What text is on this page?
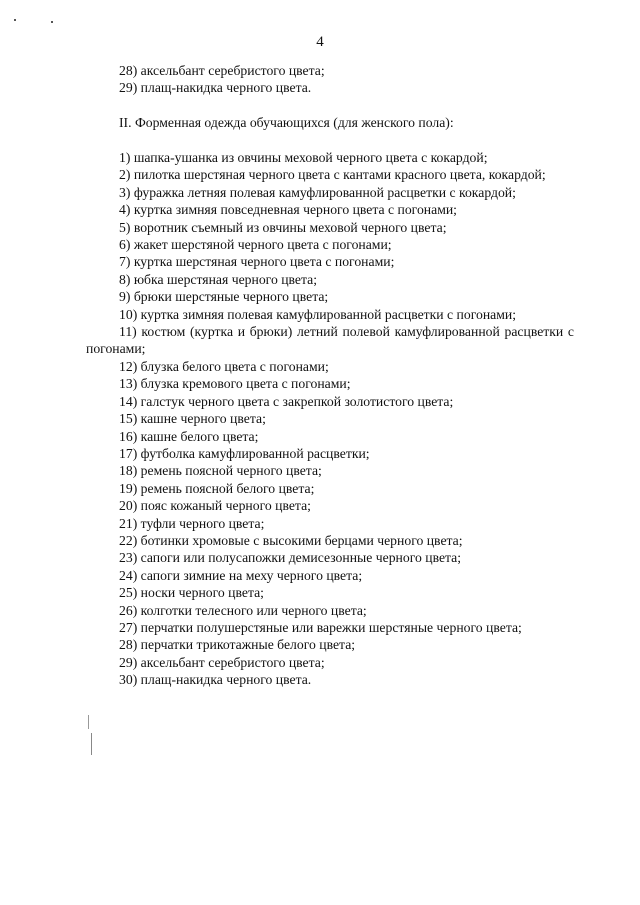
4
28) аксельбант серебристого цвета;
29) плащ-накидка черного цвета.
II. Форменная одежда обучающихся (для женского пола):
1) шапка-ушанка из овчины меховой черного цвета с кокардой;
2) пилотка шерстяная черного цвета с кантами красного цвета, кокардой;
3) фуражка летняя полевая камуфлированной расцветки с кокардой;
4) куртка зимняя повседневная черного цвета с погонами;
5) воротник съемный из овчины меховой черного цвета;
6) жакет шерстяной черного цвета с погонами;
7) куртка шерстяная черного цвета с погонами;
8) юбка шерстяная черного цвета;
9) брюки шерстяные черного цвета;
10) куртка зимняя полевая камуфлированной расцветки с погонами;
11) костюм (куртка и брюки) летний полевой камуфлированной расцветки с погонами;
12) блузка белого цвета с погонами;
13) блузка кремового цвета с погонами;
14) галстук черного цвета с закрепкой золотистого цвета;
15) кашне черного цвета;
16) кашне белого цвета;
17) футболка камуфлированной расцветки;
18) ремень поясной черного цвета;
19) ремень поясной белого цвета;
20) пояс кожаный черного цвета;
21) туфли черного цвета;
22) ботинки хромовые с высокими берцами черного цвета;
23) сапоги или полусапожки демисезонные черного цвета;
24) сапоги зимние на меху черного цвета;
25) носки черного цвета;
26) колготки телесного или черного цвета;
27) перчатки полушерстяные или варежки шерстяные черного цвета;
28) перчатки трикотажные белого цвета;
29) аксельбант серебристого цвета;
30) плащ-накидка черного цвета.
